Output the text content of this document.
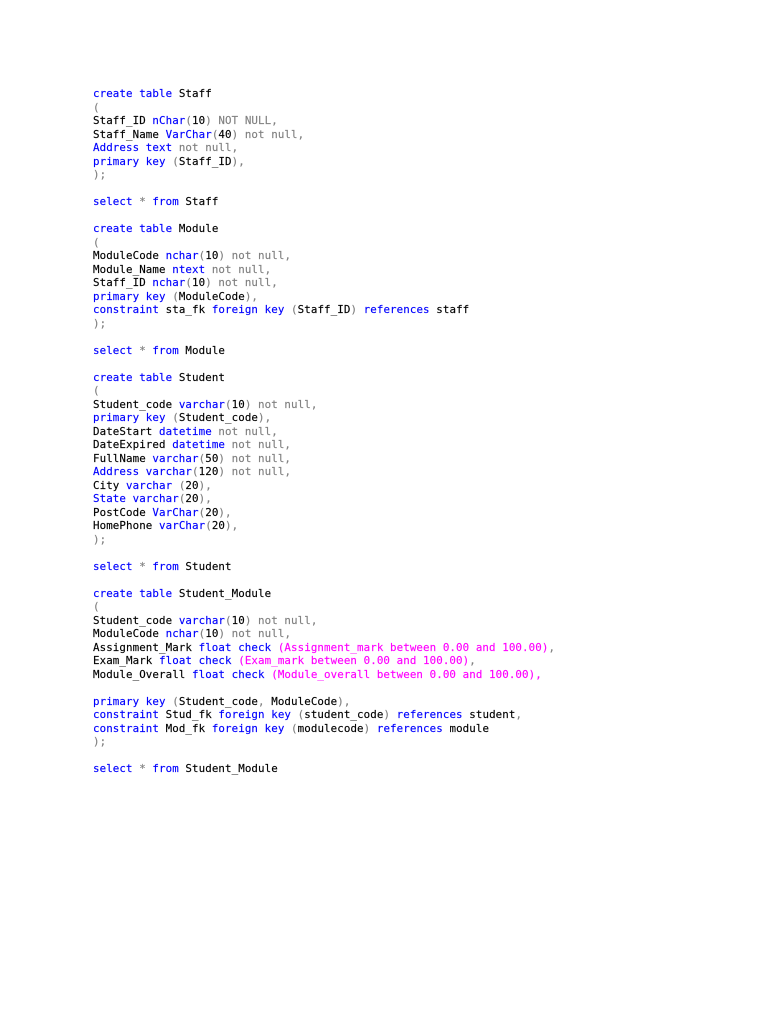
create table Staff
(
Staff_ID nChar(10) NOT NULL,
Staff_Name VarChar(40) not null,
Address text not null,
primary key (Staff_ID),
);

select * from Staff

create table Module
(
ModuleCode nchar(10) not null,
Module_Name ntext not null,
Staff_ID nchar(10) not null,
primary key (ModuleCode),
constraint sta_fk foreign key (Staff_ID) references staff
);

select * from Module

create table Student
(
Student_code varchar(10) not null,
primary key (Student_code),
DateStart datetime not null,
DateExpired datetime not null,
FullName varchar(50) not null,
Address varchar(120) not null,
City varchar (20),
State varchar(20),
PostCode VarChar(20),
HomePhone varChar(20),
);

select * from Student

create table Student_Module
(
Student_code varchar(10) not null,
ModuleCode nchar(10) not null,
Assignment_Mark float check (Assignment_mark between 0.00 and 100.00),
Exam_Mark float check (Exam_mark between 0.00 and 100.00),
Module_Overall float check (Module_overall between 0.00 and 100.00),

primary key (Student_code, ModuleCode),
constraint Stud_fk foreign key (student_code) references student,
constraint Mod_fk foreign key (modulecode) references module
);

select * from Student_Module
